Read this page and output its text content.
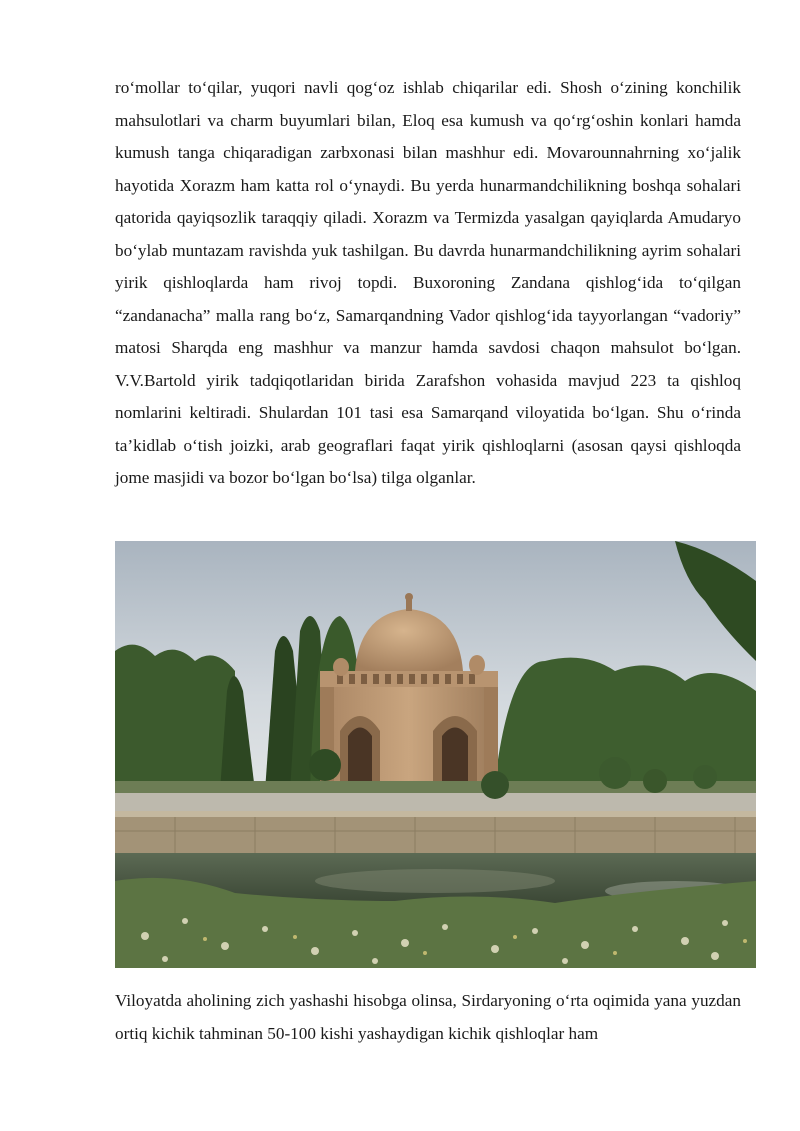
ro‘mollar to‘qilar, yuqori navli qog‘oz ishlab chiqarilar edi. Shosh o‘zining konchilik mahsulotlari va charm buyumlari bilan, Eloq esa kumush va qo‘rg‘oshin konlari hamda kumush tanga chiqaradigan zarbxonasi bilan mashhur edi. Movarounnahrning xo‘jalik hayotida Xorazm ham katta rol o‘ynaydi. Bu yerda hunarmandchilikning boshqa sohalari qatorida qayiqsozlik taraqqiy qiladi. Xorazm va Termizda yasalgan qayiqlarda Amudaryo bo‘ylab muntazam ravishda yuk tashilgan. Bu davrda hunarmandchilikning ayrim sohalari yirik qishloqlarda ham rivoj topdi. Buxoroning Zandana qishlog‘ida to‘qilgan “zandanacha” malla rang bo‘z, Samarqandning Vador qishlog‘ida tayyorlangan “vadoriy” matosi Sharqda eng mashhur va manzur hamda savdosi chaqon mahsulot bo‘lgan. V.V.Bartold yirik tadqiqotlaridan birida Zarafshon vohasida mavjud 223 ta qishloq nomlarini keltiradi. Shulardan 101 tasi esa Samarqand viloyatida bo‘lgan. Shu o‘rinda ta’kidlab o‘tish joizki, arab geograflari faqat yirik qishloqlarni (asosan qaysi qishloqda jome masjidi va bozor bo‘lgan bo‘lsa) tilga olganlar.

Viloyatda aholining zich yashashi hisobga olinsa, Sirdaryoning o‘rta oqimida yana yuzdan ortiq kichik tahminan 50-100 kishi yashaydigan kichik qishloqlar ham
